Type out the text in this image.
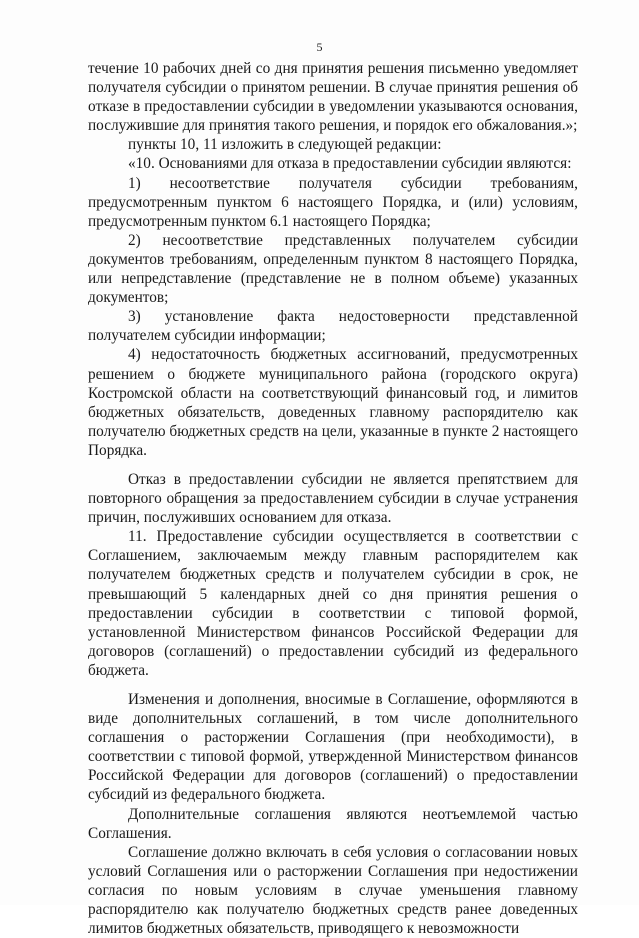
5

течение 10 рабочих дней со дня принятия решения письменно уведомляет получателя субсидии о принятом решении. В случае принятия решения об отказе в предоставлении субсидии в уведомлении указываются основания, послужившие для принятия такого решения, и порядок его обжалования.»;

пункты 10, 11 изложить в следующей редакции:

«10. Основаниями для отказа в предоставлении субсидии являются:

1) несоответствие получателя субсидии требованиям, предусмотренным пунктом 6 настоящего Порядка, и (или) условиям, предусмотренным пунктом 6.1 настоящего Порядка;

2) несоответствие представленных получателем субсидии документов требованиям, определенным пунктом 8 настоящего Порядка, или непредставление (представление не в полном объеме) указанных документов;

3) установление факта недостоверности представленной получателем субсидии информации;

4) недостаточность бюджетных ассигнований, предусмотренных решением о бюджете муниципального района (городского округа) Костромской области на соответствующий финансовый год, и лимитов бюджетных обязательств, доведенных главному распорядителю как получателю бюджетных средств на цели, указанные в пункте 2 настоящего Порядка.

Отказ в предоставлении субсидии не является препятствием для повторного обращения за предоставлением субсидии в случае устранения причин, послуживших основанием для отказа.

11. Предоставление субсидии осуществляется в соответствии с Соглашением, заключаемым между главным распорядителем как получателем бюджетных средств и получателем субсидии в срок, не превышающий 5 календарных дней со дня принятия решения о предоставлении субсидии в соответствии с типовой формой, установленной Министерством финансов Российской Федерации для договоров (соглашений) о предоставлении субсидий из федерального бюджета.

Изменения и дополнения, вносимые в Соглашение, оформляются в виде дополнительных соглашений, в том числе дополнительного соглашения о расторжении Соглашения (при необходимости), в соответствии с типовой формой, утвержденной Министерством финансов Российской Федерации для договоров (соглашений) о предоставлении субсидий из федерального бюджета.

Дополнительные соглашения являются неотъемлемой частью Соглашения.

Соглашение должно включать в себя условия о согласовании новых условий Соглашения или о расторжении Соглашения при недостижении согласия по новым условиям в случае уменьшения главному распорядителю как получателю бюджетных средств ранее доведенных лимитов бюджетных обязательств, приводящего к невозможности
